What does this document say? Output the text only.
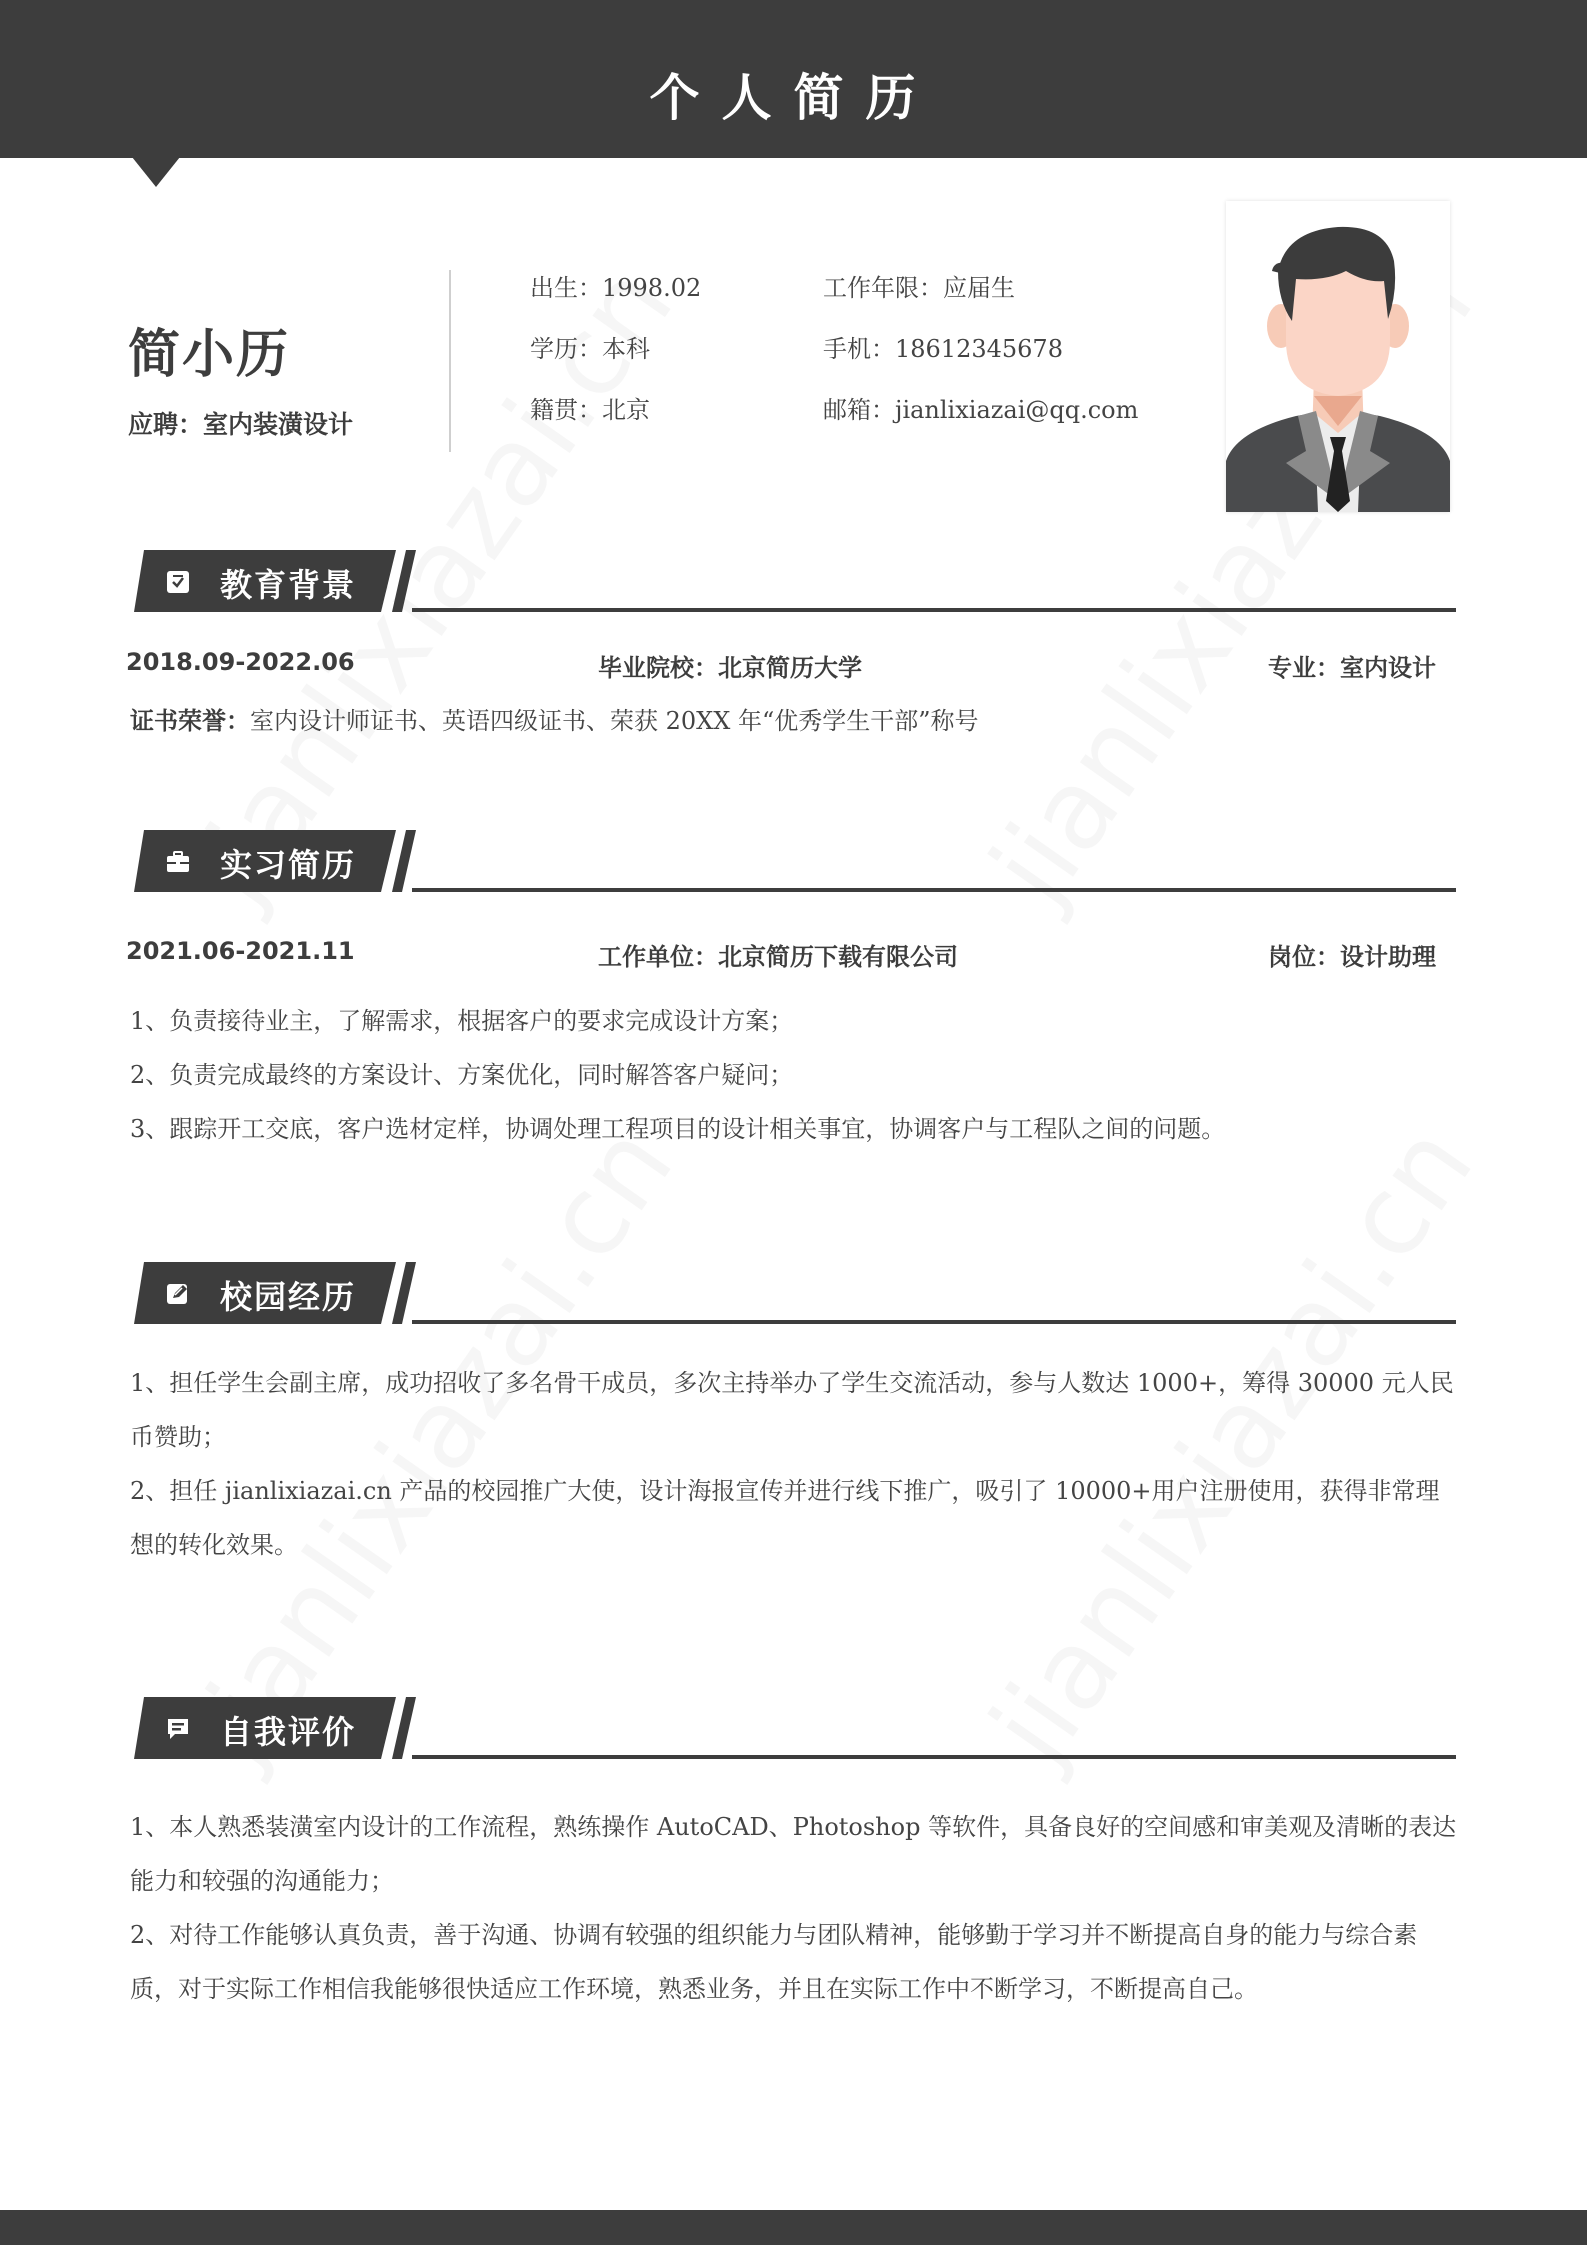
个人简历
简小历
应聘：室内装潢设计
出生：1998.02	工作年限：应届生
学历：本科	手机：18612345678
籍贯：北京	邮箱：jianlixiazai@qq.com
教育背景
2018.09-2022.06	毕业院校：北京简历大学	专业：室内设计

证书荣誉：室内设计师证书、英语四级证书、荣获 20XX 年“优秀学生干部”称号

实习简历
2021.06-2021.11	工作单位：北京简历下载有限公司	岗位：设计助理

1、负责接待业主，了解需求，根据客户的要求完成设计方案；

2、负责完成最终的方案设计、方案优化，同时解答客户疑问；

3、跟踪开工交底，客户选材定样，协调处理工程项目的设计相关事宜，协调客户与工程队之间的问题。

校园经历

1、担任学生会副主席，成功招收了多名骨干成员，多次主持举办了学生交流活动，参与人数达 1000+，筹得 30000 元人民币赞助；

2、担任 jianlixiazai.cn 产品的校园推广大使，设计海报宣传并进行线下推广，吸引了 10000+用户注册使用，获得非常理想的转化效果。

自我评价

1、本人熟悉装潢室内设计的工作流程，熟练操作 AutoCAD、Photoshop 等软件，具备良好的空间感和审美观及清晰的表达能力和较强的沟通能力；

2、对待工作能够认真负责，善于沟通、协调有较强的组织能力与团队精神，能够勤于学习并不断提高自身的能力与综合素质，对于实际工作相信我能够很快适应工作环境，熟悉业务，并且在实际工作中不断学习，不断提高自己。
